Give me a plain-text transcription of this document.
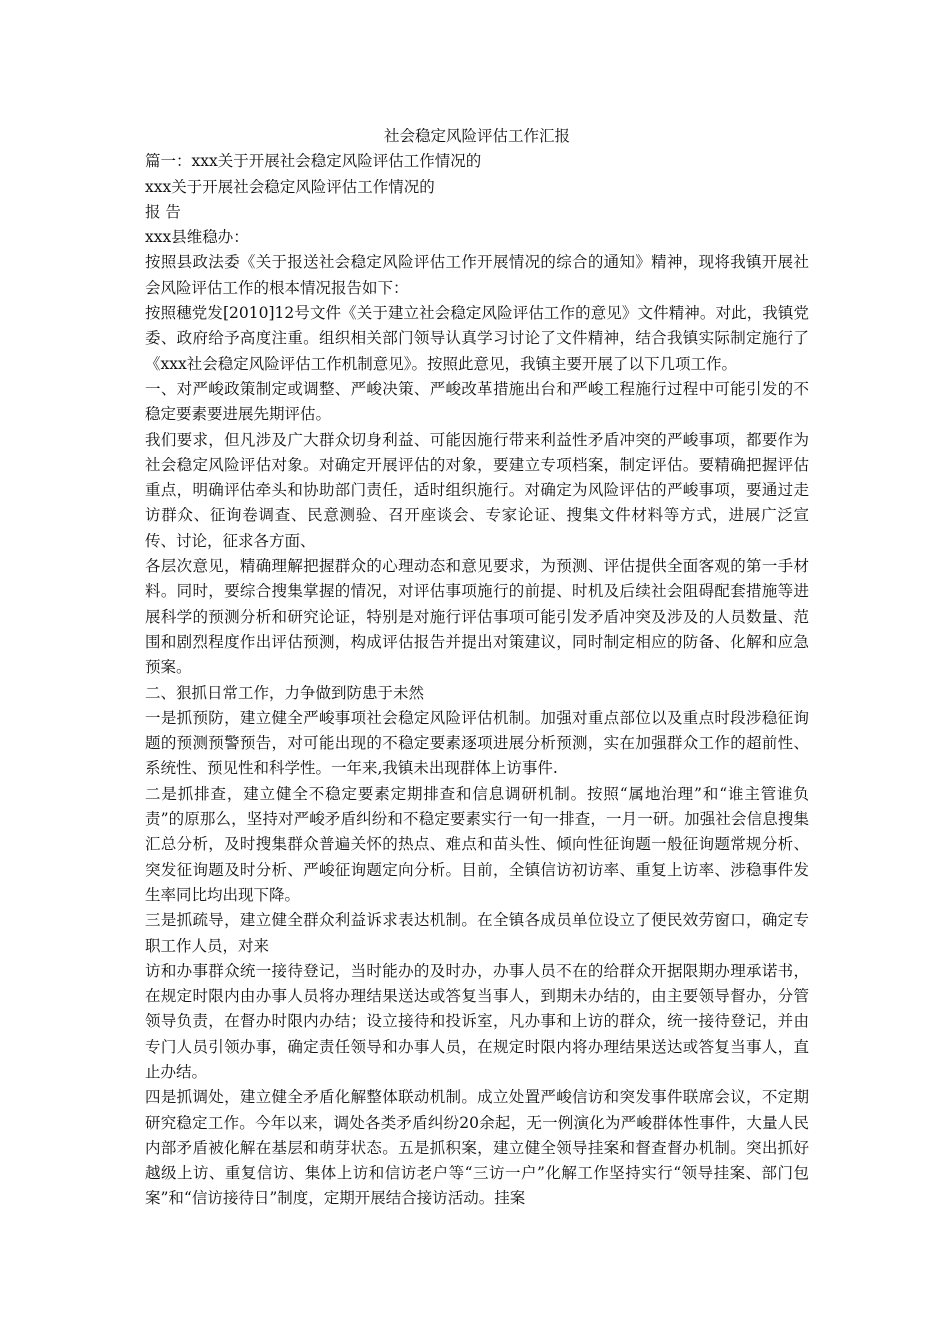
社会稳定风险评估工作汇报

篇一：xxx关于开展社会稳定风险评估工作情况的

xxx关于开展社会稳定风险评估工作情况的

报 告

xxx县维稳办：

按照县政法委《关于报送社会稳定风险评估工作开展情况的综合的通知》精神，现将我镇开展社会风险评估工作的根本情况报告如下：

按照穗党发[2010]12号文件《关于建立社会稳定风险评估工作的意见》文件精神。对此，我镇党委、政府给予高度注重。组织相关部门领导认真学习讨论了文件精神，结合我镇实际制定施行了《xxx社会稳定风险评估工作机制意见》。按照此意见，我镇主要开展了以下几项工作。

一、对严峻政策制定或调整、严峻决策、严峻改革措施出台和严峻工程施行过程中可能引发的不稳定要素要进展先期评估。

我们要求，但凡涉及广大群众切身利益、可能因施行带来利益性矛盾冲突的严峻事项，都要作为社会稳定风险评估对象。对确定开展评估的对象，要建立专项档案，制定评估。要精确把握评估重点，明确评估牵头和协助部门责任，适时组织施行。对确定为风险评估的严峻事项，要通过走访群众、征询卷调查、民意测验、召开座谈会、专家论证、搜集文件材料等方式，进展广泛宣传、讨论，征求各方面、

各层次意见，精确理解把握群众的心理动态和意见要求，为预测、评估提供全面客观的第一手材料。同时，要综合搜集掌握的情况，对评估事项施行的前提、时机及后续社会阻碍配套措施等进展科学的预测分析和研究论证，特别是对施行评估事项可能引发矛盾冲突及涉及的人员数量、范围和剧烈程度作出评估预测，构成评估报告并提出对策建议，同时制定相应的防备、化解和应急预案。

二、狠抓日常工作，力争做到防患于未然

一是抓预防，建立健全严峻事项社会稳定风险评估机制。加强对重点部位以及重点时段涉稳征询题的预测预警预告，对可能出现的不稳定要素逐项进展分析预测，实在加强群众工作的超前性、系统性、预见性和科学性。一年来,我镇未出现群体上访事件.

二是抓排查，建立健全不稳定要素定期排查和信息调研机制。按照“属地治理”和“谁主管谁负责”的原那么，坚持对严峻矛盾纠纷和不稳定要素实行一旬一排查，一月一研。加强社会信息搜集汇总分析，及时搜集群众普遍关怀的热点、难点和苗头性、倾向性征询题一般征询题常规分析、突发征询题及时分析、严峻征询题定向分析。目前，全镇信访初访率、重复上访率、涉稳事件发生率同比均出现下降。

三是抓疏导，建立健全群众利益诉求表达机制。在全镇各成员单位设立了便民效劳窗口，确定专职工作人员，对来

访和办事群众统一接待登记，当时能办的及时办，办事人员不在的给群众开据限期办理承诺书，在规定时限内由办事人员将办理结果送达或答复当事人，到期未办结的，由主要领导督办，分管领导负责，在督办时限内办结；设立接待和投诉室，凡办事和上访的群众，统一接待登记，并由专门人员引领办事，确定责任领导和办事人员，在规定时限内将办理结果送达或答复当事人，直止办结。

四是抓调处，建立健全矛盾化解整体联动机制。成立处置严峻信访和突发事件联席会议，不定期研究稳定工作。今年以来，调处各类矛盾纠纷20余起，无一例演化为严峻群体性事件，大量人民内部矛盾被化解在基层和萌芽状态。五是抓积案，建立健全领导挂案和督查督办机制。突出抓好越级上访、重复信访、集体上访和信访老户等“三访一户”化解工作坚持实行“领导挂案、部门包案”和“信访接待日”制度，定期开展结合接访活动。挂案
